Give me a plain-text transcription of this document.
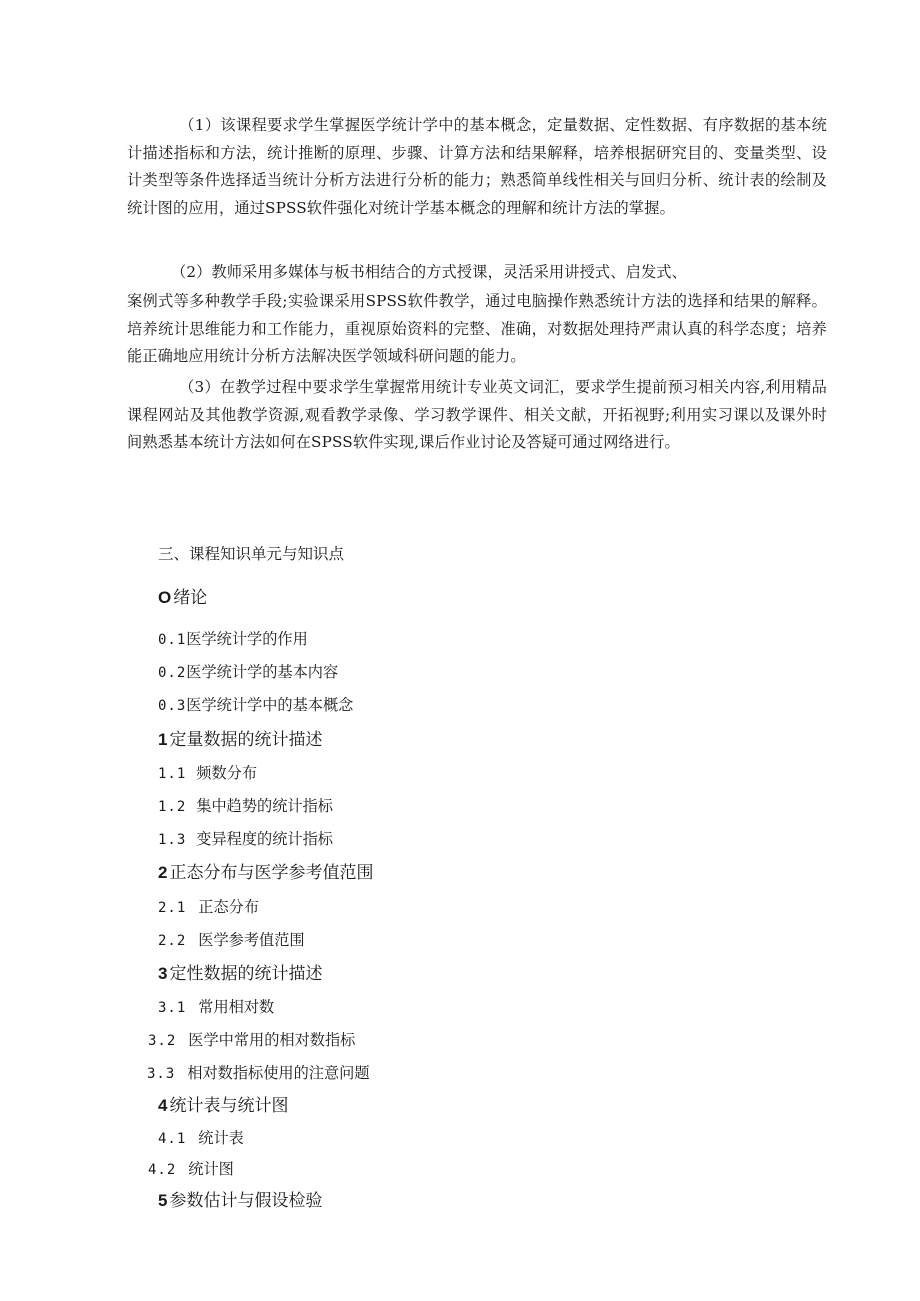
（1）该课程要求学生掌握医学统计学中的基本概念，定量数据、定性数据、有序数据的基本统计描述指标和方法，统计推断的原理、步骤、计算方法和结果解释，培养根据研究目的、变量类型、设计类型等条件选择适当统计分析方法进行分析的能力；熟悉简单线性相关与回归分析、统计表的绘制及统计图的应用，通过SPSS软件强化对统计学基本概念的理解和统计方法的掌握。

（2）教师采用多媒体与板书相结合的方式授课，灵活采用讲授式、启发式、

案例式等多种教学手段;实验课采用SPSS软件教学，通过电脑操作熟悉统计方法的选择和结果的解释。培养统计思维能力和工作能力，重视原始资料的完整、准确，对数据处理持严肃认真的科学态度；培养能正确地应用统计分析方法解决医学领域科研问题的能力。

（3）在教学过程中要求学生掌握常用统计专业英文词汇，要求学生提前预习相关内容,利用精品课程网站及其他教学资源,观看教学录像、学习教学课件、相关文献，开拓视野;利用实习课以及课外时间熟悉基本统计方法如何在SPSS软件实现,课后作业讨论及答疑可通过网络进行。

三、课程知识单元与知识点

O 绪论

0.1医学统计学的作用

0.2医学统计学的基本内容

0.3医学统计学中的基本概念

1 定量数据的统计描述

1.1 频数分布

1.2 集中趋势的统计指标

1.3 变异程度的统计指标

2 正态分布与医学参考值范围

2.1 正态分布

2.2 医学参考值范围

3 定性数据的统计描述

3.1 常用相对数

3.2 医学中常用的相对数指标

3.3 相对数指标使用的注意问题

4 统计表与统计图

4.1 统计表

4.2 统计图

5 参数估计与假设检验
